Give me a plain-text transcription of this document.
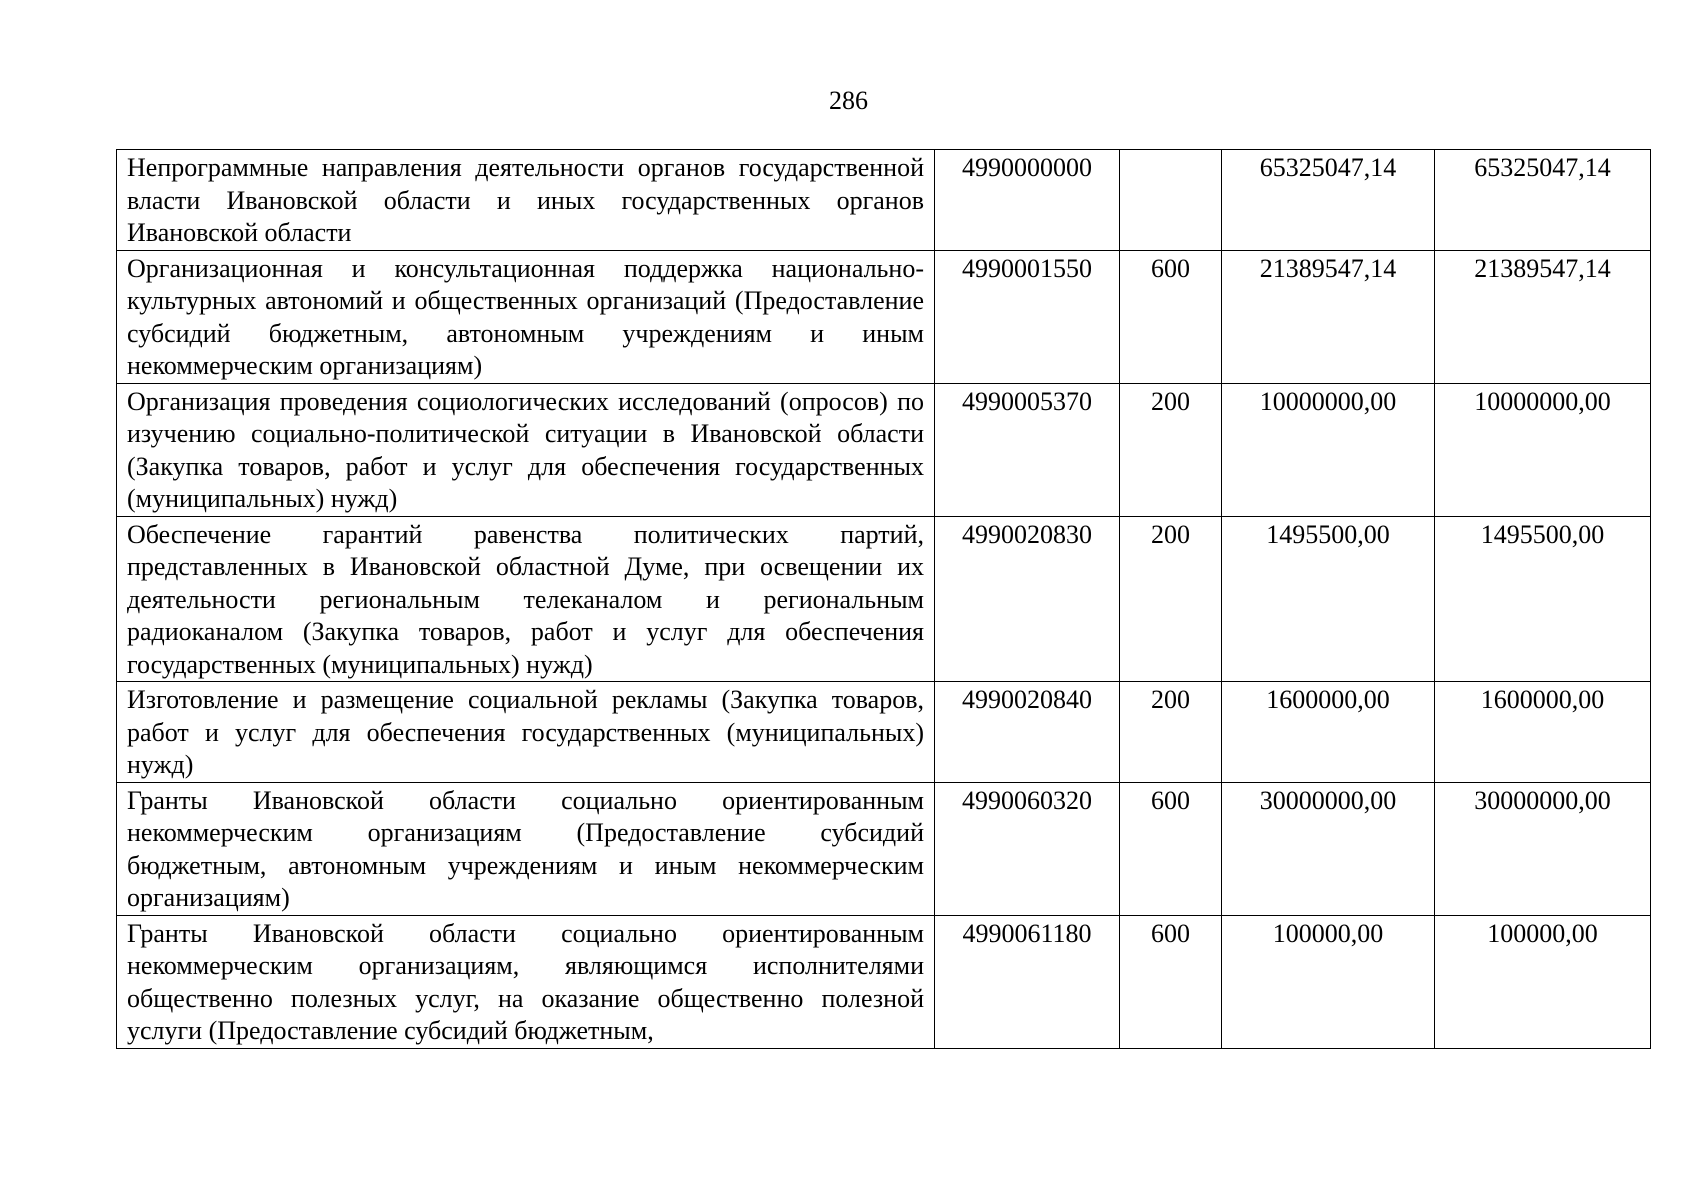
286
Непрограммные направления деятельности органов государственной власти Ивановской области и иных государственных органов Ивановской области	4990000000		65325047,14	65325047,14
Организационная и консультационная поддержка национально-культурных автономий и общественных организаций (Предоставление субсидий бюджетным, автономным учреждениям и иным некоммерческим организациям)	4990001550	600	21389547,14	21389547,14
Организация проведения социологических исследований (опросов) по изучению социально-политической ситуации в Ивановской области (Закупка товаров, работ и услуг для обеспечения государственных (муниципальных) нужд)	4990005370	200	10000000,00	10000000,00
Обеспечение гарантий равенства политических партий, представленных в Ивановской областной Думе, при освещении их деятельности региональным телеканалом и региональным радиоканалом (Закупка товаров, работ и услуг для обеспечения государственных (муниципальных) нужд)	4990020830	200	1495500,00	1495500,00
Изготовление и размещение социальной рекламы (Закупка товаров, работ и услуг для обеспечения государственных (муниципальных) нужд)	4990020840	200	1600000,00	1600000,00
Гранты Ивановской области социально ориентированным некоммерческим организациям (Предоставление субсидий бюджетным, автономным учреждениям и иным некоммерческим организациям)	4990060320	600	30000000,00	30000000,00
Гранты Ивановской области социально ориентированным некоммерческим организациям, являющимся исполнителями общественно полезных услуг, на оказание общественно полезной услуги (Предоставление субсидий бюджетным,	4990061180	600	100000,00	100000,00
